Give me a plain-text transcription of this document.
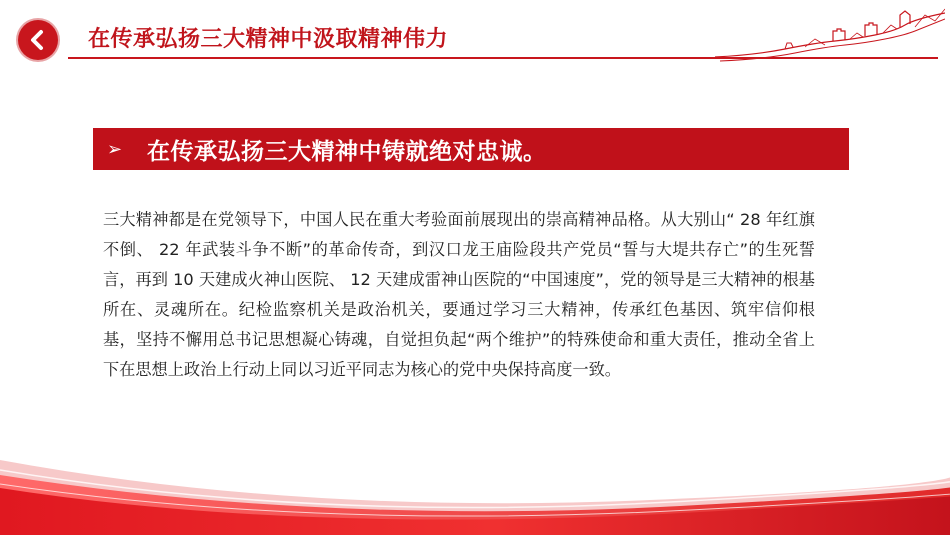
在传承弘扬三大精神中汲取精神伟力
➢	在传承弘扬三大精神中铸就绝对忠诚。

三大精神都是在党领导下，中国人民在重大考验面前展现出的崇高精神品格。从大别山“ 28 年红旗不倒、 22 年武装斗争不断”的革命传奇，到汉口龙王庙险段共产党员“誓与大堤共存亡”的生死誓言，再到 10 天建成火神山医院、 12 天建成雷神山医院的“中国速度”，党的领导是三大精神的根基所在、灵魂所在。纪检监察机关是政治机关，要通过学习三大精神，传承红色基因、筑牢信仰根基，坚持不懈用总书记思想凝心铸魂，自觉担负起“两个维护”的特殊使命和重大责任，推动全省上下在思想上政治上行动上同以习近平同志为核心的党中央保持高度一致。
